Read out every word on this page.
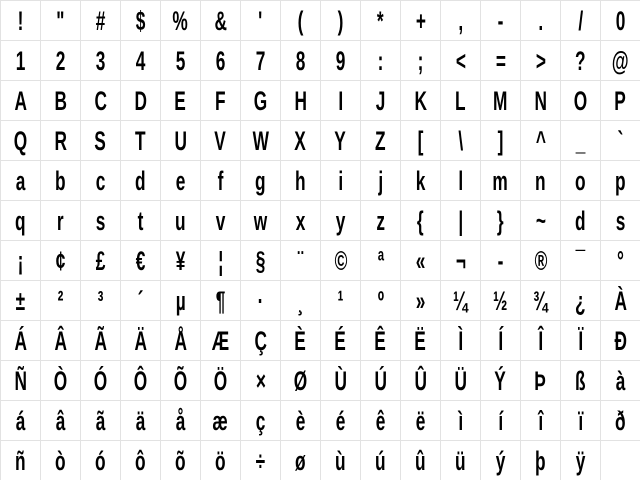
! " # $ % & ' ( ) * + , - . / 0
1 2 3 4 5 6 7 8 9 : ; < = > ? @
A B C D E F G H I J K L M N O P
Q R S T U V W X Y Z [ \ ] ^ _ `
a b c d e f g h i j k l m n o p
q r s t u v w x y z { | } ~ d s
¡ ¢ £ € ¥ ¦ § ¨ © ª « ¬ - ® ¯ °
± ² ³ ´ µ ¶ · ¸ ¹ º » ¼ ½ ¾ ¿ À
Á Â Ã Ä Å Æ Ç È É Ê Ë Ì Í Î Ï Ð
Ñ Ò Ó Ô Õ Ö × Ø Ù Ú Û Ü Ý Þ ß à
á â ã ä å æ ç è é ê ë ì í î ï ð
ñ ò ó ô õ ö ÷ ø ù ú û ü ý þ ÿ
